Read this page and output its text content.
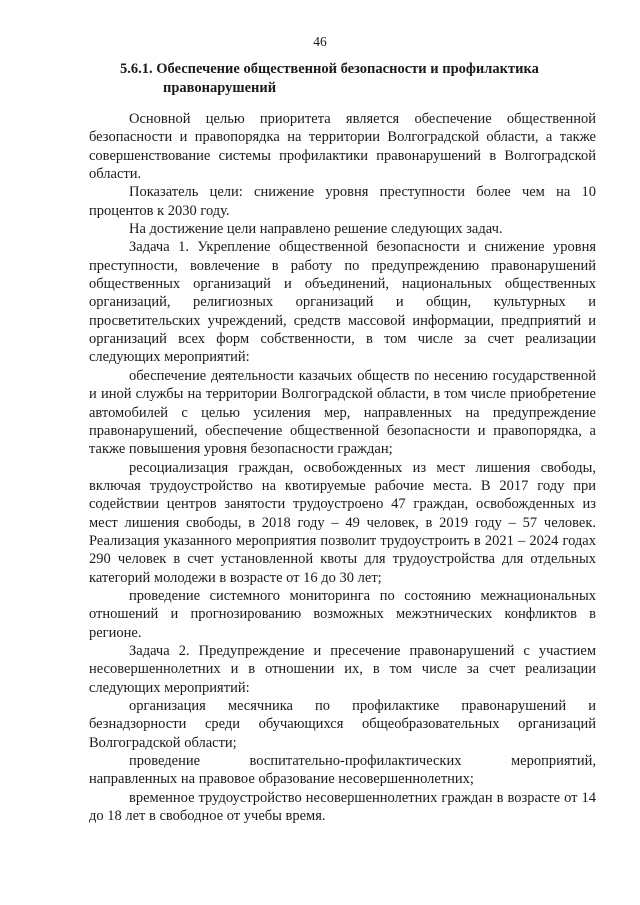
46
5.6.1. Обеспечение общественной безопасности и профилактика
правонарушений

Основной целью приоритета является обеспечение общественной безопасности и правопорядка на территории Волгоградской области, а также совершенствование системы профилактики правонарушений в Волгоградской области.

Показатель цели: снижение уровня преступности более чем на 10 процентов к 2030 году.

На достижение цели направлено решение следующих задач.

Задача 1. Укрепление общественной безопасности и снижение уровня преступности, вовлечение в работу по предупреждению правонарушений общественных организаций и объединений, национальных общественных организаций, религиозных организаций и общин, культурных и просветительских учреждений, средств массовой информации, предприятий и организаций всех форм собственности, в том числе за счет реализации следующих мероприятий:

обеспечение деятельности казачьих обществ по несению государственной и иной службы на территории Волгоградской области, в том числе приобретение автомобилей с целью усиления мер, направленных на предупреждение правонарушений, обеспечение общественной безопасности и правопорядка, а также повышения уровня безопасности граждан;

ресоциализация граждан, освобожденных из мест лишения свободы, включая трудоустройство на квотируемые рабочие места. В 2017 году при содействии центров занятости трудоустроено 47 граждан, освобожденных из мест лишения свободы, в 2018 году – 49 человек, в 2019 году – 57 человек. Реализация указанного мероприятия позволит трудоустроить в 2021 – 2024 годах 290 человек в счет установленной квоты для трудоустройства для отдельных категорий молодежи в возрасте от 16 до 30 лет;

проведение системного мониторинга по состоянию межнациональных отношений и прогнозированию возможных межэтнических конфликтов в регионе.

Задача 2. Предупреждение и пресечение правонарушений с участием несовершеннолетних и в отношении их, в том числе за счет реализации следующих мероприятий:

организация месячника по профилактике правонарушений и безнадзорности среди обучающихся общеобразовательных организаций Волгоградской области;

проведение воспитательно-профилактических мероприятий, направленных на правовое образование несовершеннолетних;

временное трудоустройство несовершеннолетних граждан в возрасте от 14 до 18 лет в свободное от учебы время.
